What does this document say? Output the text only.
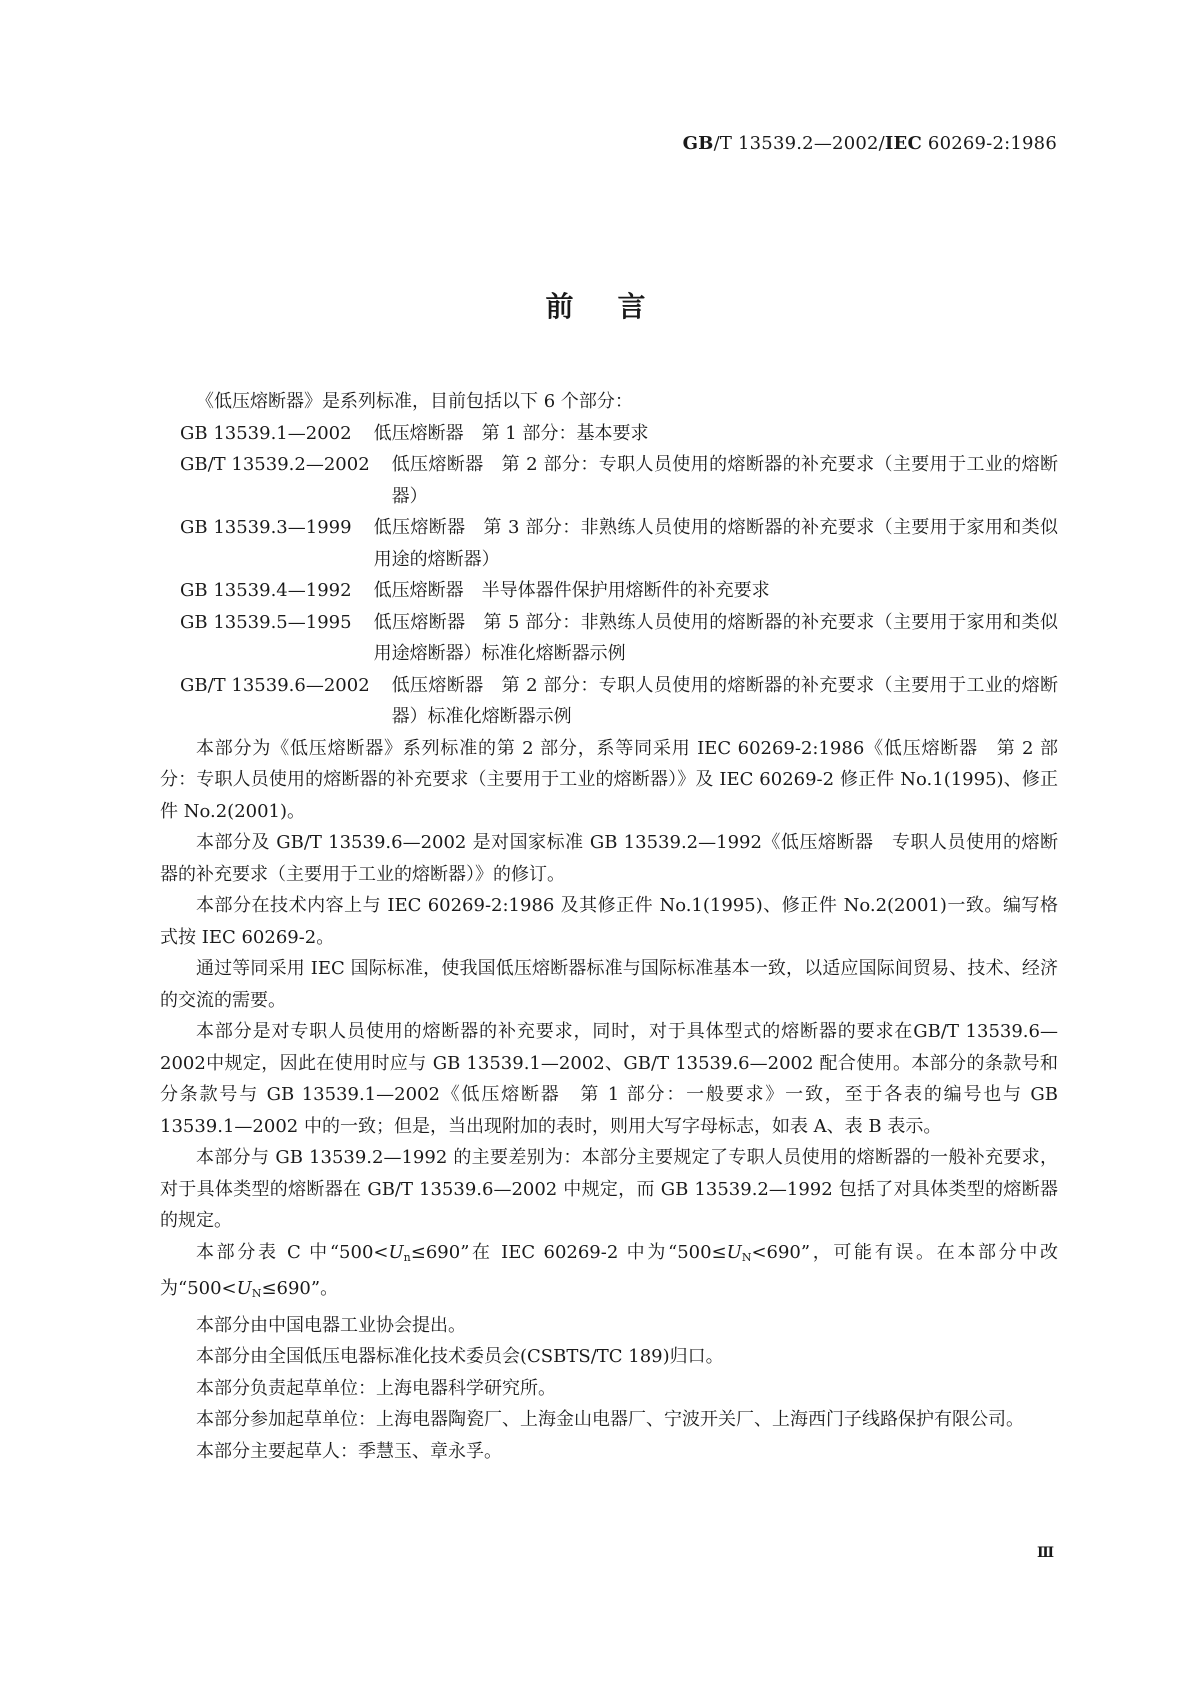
GB/T 13539.2—2002/IEC 60269-2:1986
前言

《低压熔断器》是系列标准，目前包括以下 6 个部分：

GB 13539.1—2002	低压熔断器 第 1 部分：基本要求
GB/T 13539.2—2002	低压熔断器 第 2 部分：专职人员使用的熔断器的补充要求（主要用于工业的熔断器）
GB 13539.3—1999	低压熔断器 第 3 部分：非熟练人员使用的熔断器的补充要求（主要用于家用和类似用途的熔断器）
GB 13539.4—1992	低压熔断器 半导体器件保护用熔断件的补充要求
GB 13539.5—1995	低压熔断器 第 5 部分：非熟练人员使用的熔断器的补充要求（主要用于家用和类似用途熔断器）标准化熔断器示例
GB/T 13539.6—2002	低压熔断器 第 2 部分：专职人员使用的熔断器的补充要求（主要用于工业的熔断器）标准化熔断器示例

本部分为《低压熔断器》系列标准的第 2 部分，系等同采用 IEC 60269-2:1986《低压熔断器　第 2 部分：专职人员使用的熔断器的补充要求（主要用于工业的熔断器）》及 IEC 60269-2 修正件 No.1(1995)、修正件 No.2(2001)。

本部分及 GB/T 13539.6—2002 是对国家标准 GB 13539.2—1992《低压熔断器　专职人员使用的熔断器的补充要求（主要用于工业的熔断器）》的修订。

本部分在技术内容上与 IEC 60269-2:1986 及其修正件 No.1(1995)、修正件 No.2(2001)一致。编写格式按 IEC 60269-2。

通过等同采用 IEC 国际标准，使我国低压熔断器标准与国际标准基本一致，以适应国际间贸易、技术、经济的交流的需要。

本部分是对专职人员使用的熔断器的补充要求，同时，对于具体型式的熔断器的要求在GB/T 13539.6—2002中规定，因此在使用时应与 GB 13539.1—2002、GB/T 13539.6—2002 配合使用。本部分的条款号和分条款号与 GB 13539.1—2002《低压熔断器　第 1 部分：一般要求》一致，至于各表的编号也与 GB 13539.1—2002 中的一致；但是，当出现附加的表时，则用大写字母标志，如表 A、表 B 表示。

本部分与 GB 13539.2—1992 的主要差别为：本部分主要规定了专职人员使用的熔断器的一般补充要求，对于具体类型的熔断器在 GB/T 13539.6—2002 中规定，而 GB 13539.2—1992 包括了对具体类型的熔断器的规定。

本部分表 C 中“$500<U_n\le 690$”在 IEC 60269-2 中为“$500\le U_N<690$”，可能有误。在本部分中改为“$500<U_N\le 690$”。

本部分由中国电器工业协会提出。

本部分由全国低压电器标准化技术委员会(CSBTS/TC 189)归口。

本部分负责起草单位：上海电器科学研究所。

本部分参加起草单位：上海电器陶瓷厂、上海金山电器厂、宁波开关厂、上海西门子线路保护有限公司。

本部分主要起草人：季慧玉、章永孚。

Ⅲ
